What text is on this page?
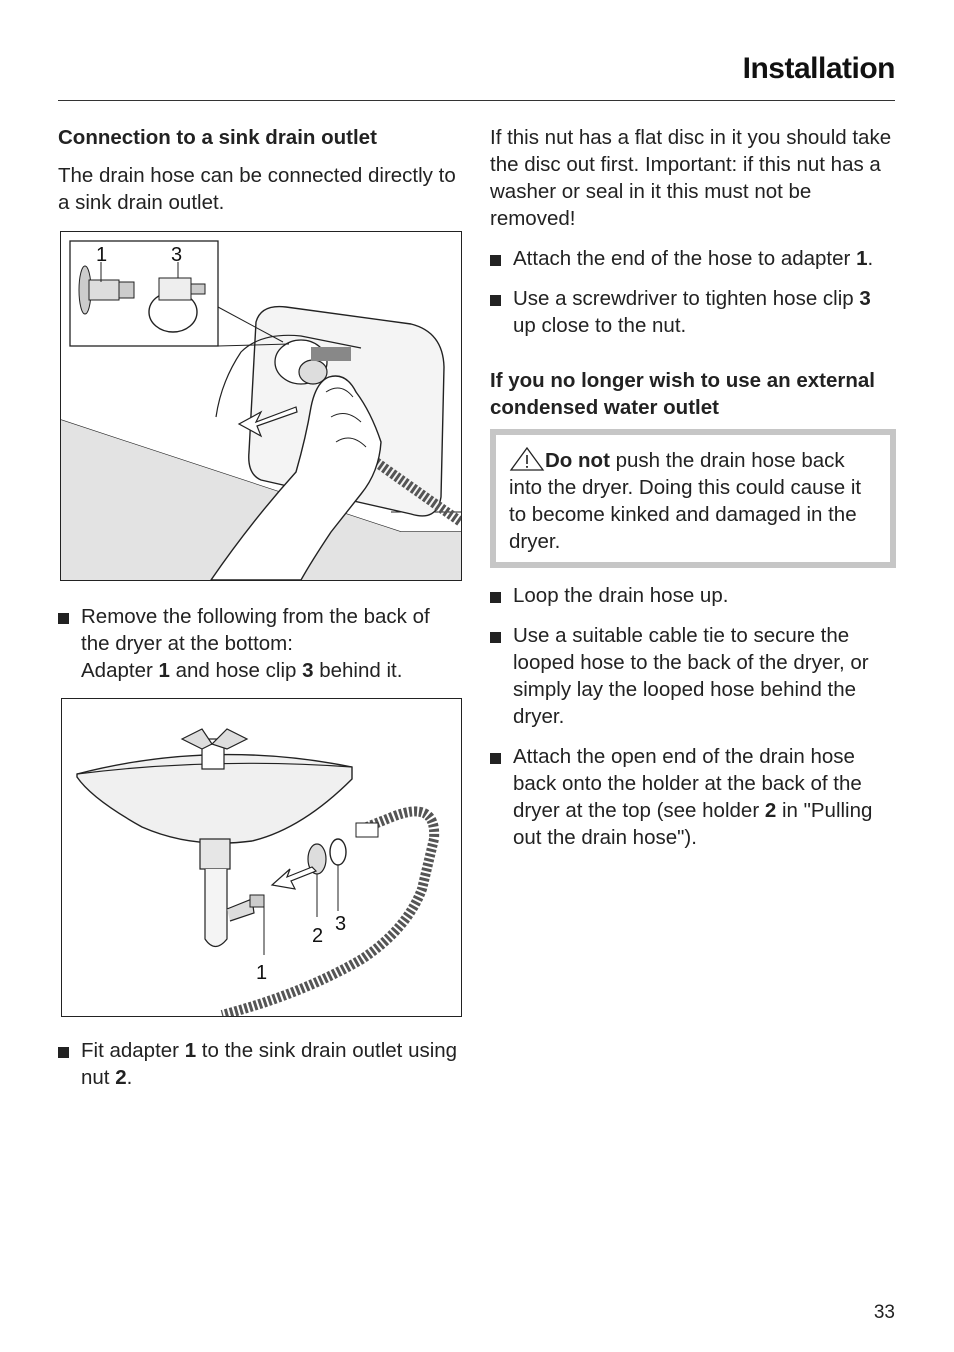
Installation

Connection to a sink drain outlet

The drain hose can be connected directly to a sink drain outlet.

1	3
Remove the following from the back of the dryer at the bottom:
Adapter 1 and hose clip 3 behind it.
1
2
3
Fit adapter 1 to the sink drain outlet using nut 2.

If this nut has a flat disc in it you should take the disc out first. Important: if this nut has a washer or seal in it this must not be removed!

Attach the end of the hose to adapter 1.
Use a screwdriver to tighten hose clip 3 up close to the nut.

If you no longer wish to use an external condensed water outlet

Do not push the drain hose back into the dryer. Doing this could cause it to become kinked and damaged in the dryer.
Loop the drain hose up.
Use a suitable cable tie to secure the looped hose to the back of the dryer, or simply lay the looped hose behind the dryer.
Attach the open end of the drain hose back onto the holder at the back of the dryer at the top (see holder 2 in "Pulling out the drain hose").
33
